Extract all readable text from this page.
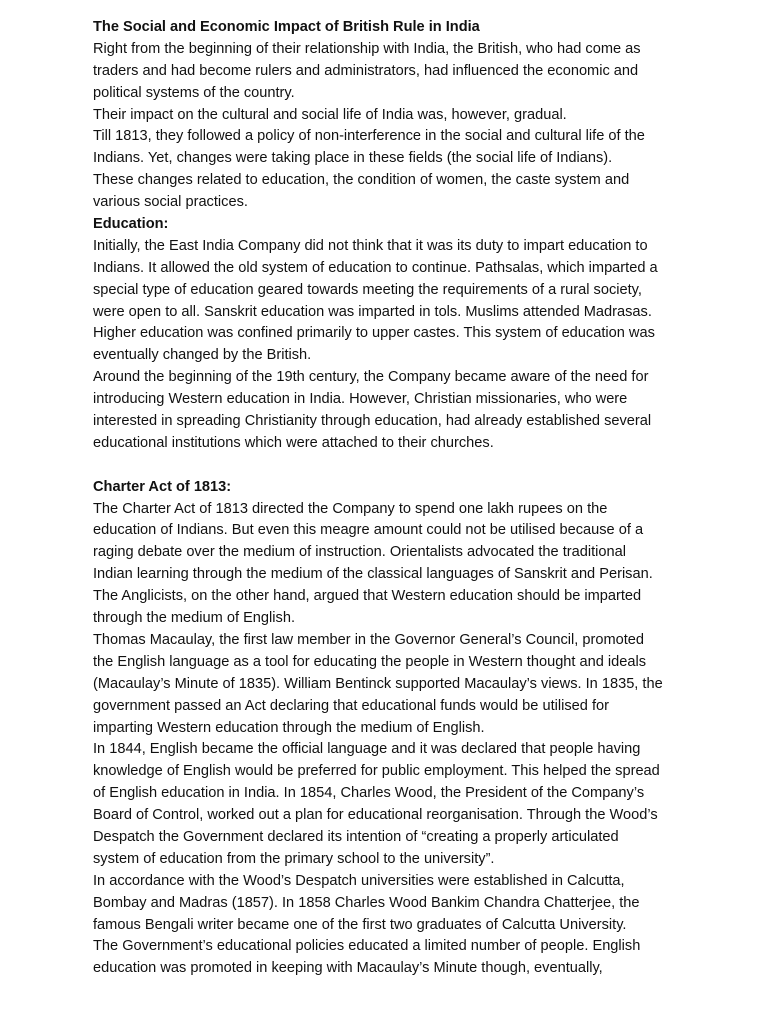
The Social and Economic Impact of British Rule in India
Right from the beginning of their relationship with India, the British, who had come as
traders and had become rulers and administrators, had influenced the economic and
political systems of the country.
Their impact on the cultural and social life of India was, however, gradual.
Till 1813, they followed a policy of non-interference in the social and cultural life of the
Indians. Yet, changes were taking place in these fields (the social life of Indians).
These changes related to education, the condition of women, the caste system and
various social practices.
Education:
Initially, the East India Company did not think that it was its duty to impart education to
Indians. It allowed the old system of education to continue. Pathsalas, which imparted a
special type of education geared towards meeting the requirements of a rural society,
were open to all. Sanskrit education was imparted in tols. Muslims attended Madrasas.
Higher education was confined primarily to upper castes. This system of education was
eventually changed by the British.
Around the beginning of the 19th century, the Company became aware of the need for
introducing Western education in India. However, Christian missionaries, who were
interested in spreading Christianity through education, had already established several
educational institutions which were attached to their churches.
Charter Act of 1813:
The Charter Act of 1813 directed the Company to spend one lakh rupees on the
education of Indians. But even this meagre amount could not be utilised because of a
raging debate over the medium of instruction. Orientalists advocated the traditional
Indian learning through the medium of the classical languages of Sanskrit and Perisan.
The Anglicists, on the other hand, argued that Western education should be imparted
through the medium of English.
Thomas Macaulay, the first law member in the Governor General’s Council, promoted
the English language as a tool for educating the people in Western thought and ideals
(Macaulay’s Minute of 1835). William Bentinck supported Macaulay’s views. In 1835, the
government passed an Act declaring that educational funds would be utilised for
imparting Western education through the medium of English.
In 1844, English became the official language and it was declared that people having
knowledge of English would be preferred for public employment. This helped the spread
of English education in India. In 1854, Charles Wood, the President of the Company’s
Board of Control, worked out a plan for educational reorganisation. Through the Wood’s
Despatch the Government declared its intention of “creating a properly articulated
system of education from the primary school to the university”.
In accordance with the Wood’s Despatch universities were established in Calcutta,
Bombay and Madras (1857). In 1858 Charles Wood Bankim Chandra Chatterjee, the
famous Bengali writer became one of the first two graduates of Calcutta University.
The Government’s educational policies educated a limited number of people. English
education was promoted in keeping with Macaulay’s Minute though, eventually,
